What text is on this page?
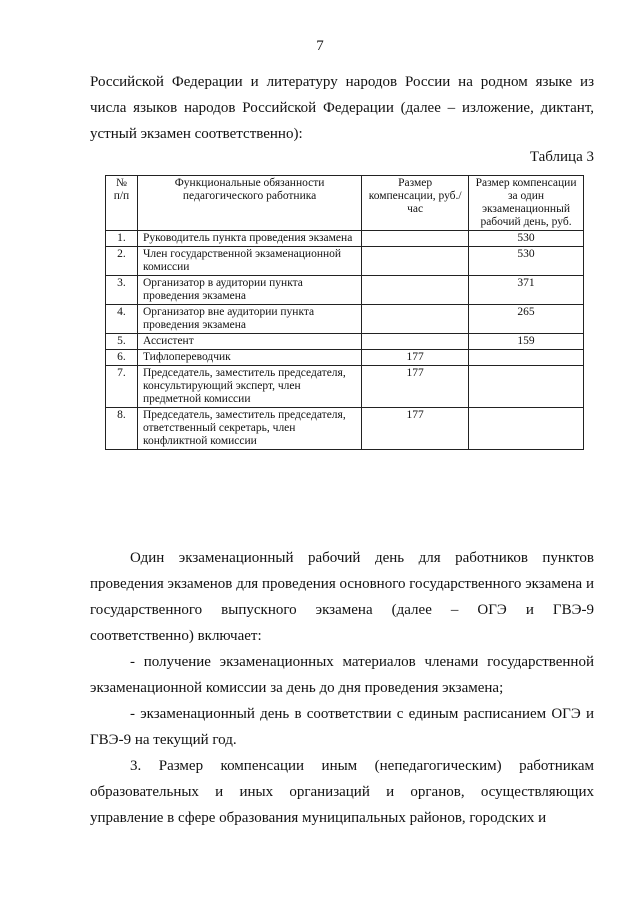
7
Российской Федерации и литературу народов России на родном языке из числа языков народов Российской Федерации (далее – изложение, диктант, устный экзамен соответственно):
Таблица 3
№ п/п	Функциональные обязанности педагогического работника	Размер компенсации, руб./час	Размер компенсации за один экзаменационный рабочий день, руб.
1.	Руководитель пункта проведения экзамена		530
2.	Член государственной экзаменационной комиссии		530
3.	Организатор в аудитории пункта проведения экзамена		371
4.	Организатор вне аудитории пункта проведения экзамена		265
5.	Ассистент		159
6.	Тифлопереводчик	177	
7.	Председатель, заместитель председателя, консультирующий эксперт, член предметной комиссии	177	
8.	Председатель, заместитель председателя, ответственный секретарь, член конфликтной комиссии	177	
Один экзаменационный рабочий день для работников пунктов проведения экзаменов для проведения основного государственного экзамена и государственного выпускного экзамена (далее – ОГЭ и ГВЭ-9 соответственно) включает:
- получение экзаменационных материалов членами государственной экзаменационной комиссии за день до дня проведения экзамена;
- экзаменационный день в соответствии с единым расписанием ОГЭ и ГВЭ-9 на текущий год.
3. Размер компенсации иным (непедагогическим) работникам образовательных и иных организаций и органов, осуществляющих управление в сфере образования муниципальных районов, городских и
